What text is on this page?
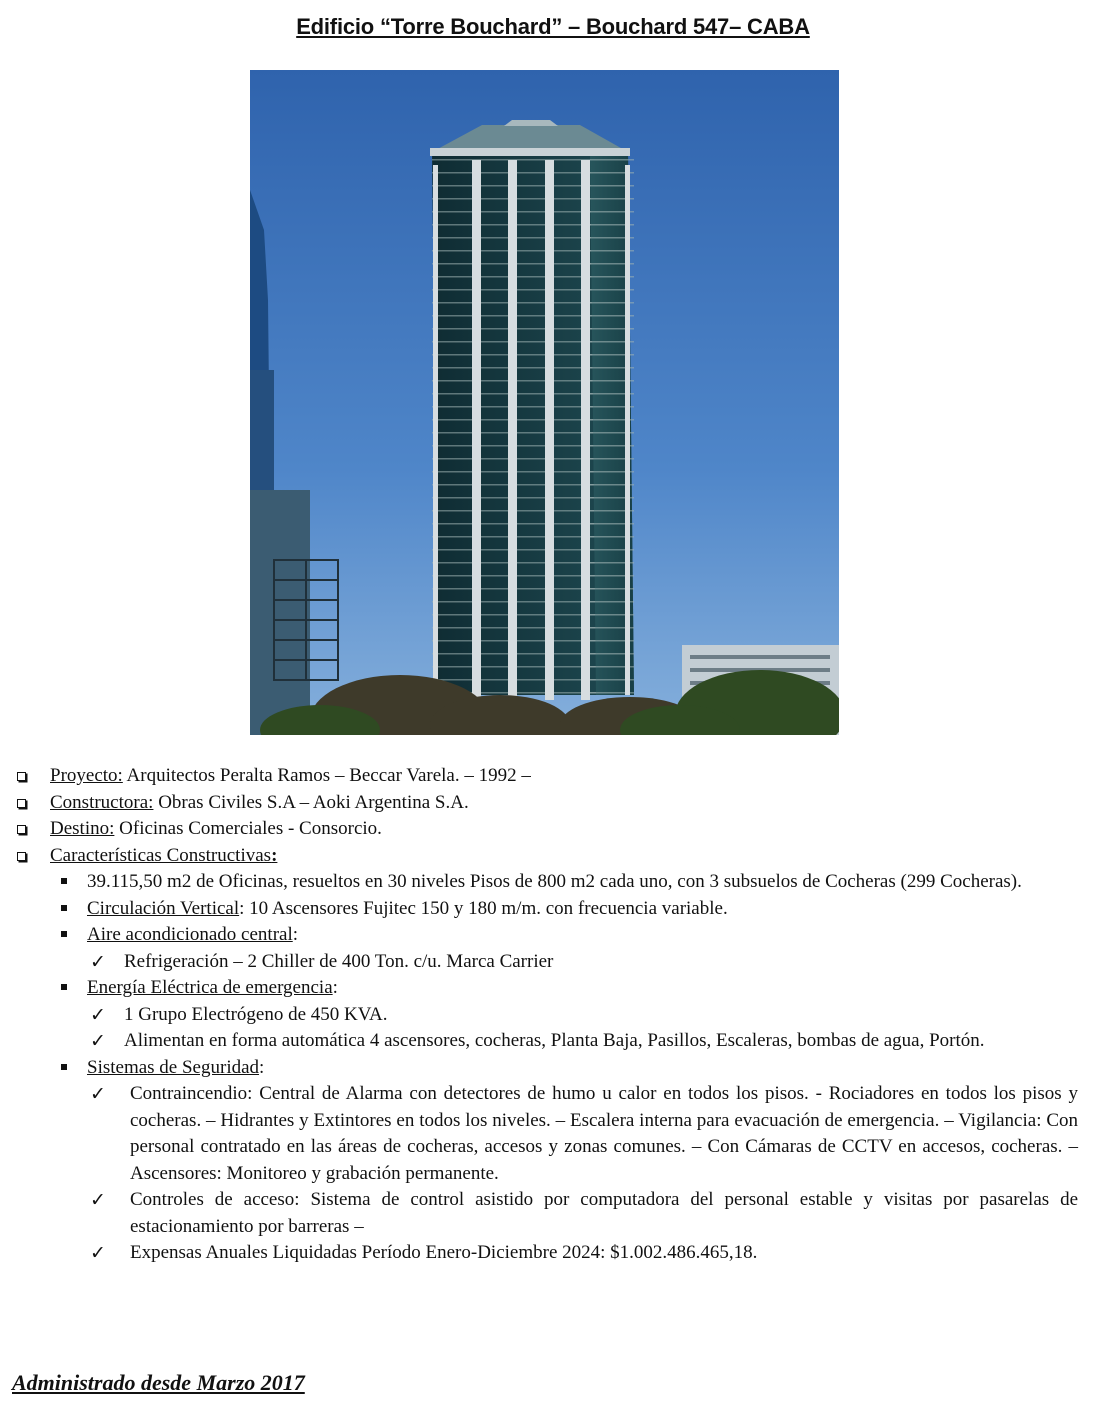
Edificio “Torre Bouchard” – Bouchard 547– CABA
Proyecto: Arquitectos Peralta Ramos – Beccar Varela. – 1992 –
Constructora: Obras Civiles S.A – Aoki Argentina S.A.
Destino: Oficinas Comerciales - Consorcio.
Características Constructivas:
39.115,50 m2 de Oficinas, resueltos en 30 niveles Pisos de 800 m2 cada uno, con 3 subsuelos de Cocheras (299 Cocheras).
Circulación Vertical: 10 Ascensores Fujitec 150 y 180 m/m. con frecuencia variable.
Aire acondicionado central:
✓ Refrigeración – 2 Chiller de 400 Ton. c/u. Marca Carrier
Energía Eléctrica de emergencia:
✓ 1 Grupo Electrógeno de 450 KVA.
✓ Alimentan en forma automática 4 ascensores, cocheras, Planta Baja, Pasillos, Escaleras, bombas de agua, Portón.
Sistemas de Seguridad:
✓ Contraincendio: Central de Alarma con detectores de humo u calor en todos los pisos. - Rociadores en todos los pisos y cocheras. – Hidrantes y Extintores en todos los niveles. – Escalera interna para evacuación de emergencia. – Vigilancia: Con personal contratado en las áreas de cocheras, accesos y zonas comunes. – Con Cámaras de CCTV en accesos, cocheras. – Ascensores: Monitoreo y grabación permanente.
✓ Controles de acceso: Sistema de control asistido por computadora del personal estable y visitas por pasarelas de estacionamiento por barreras –
✓ Expensas Anuales Liquidadas Período Enero-Diciembre 2024: $1.002.486.465,18.
Administrado desde Marzo 2017
